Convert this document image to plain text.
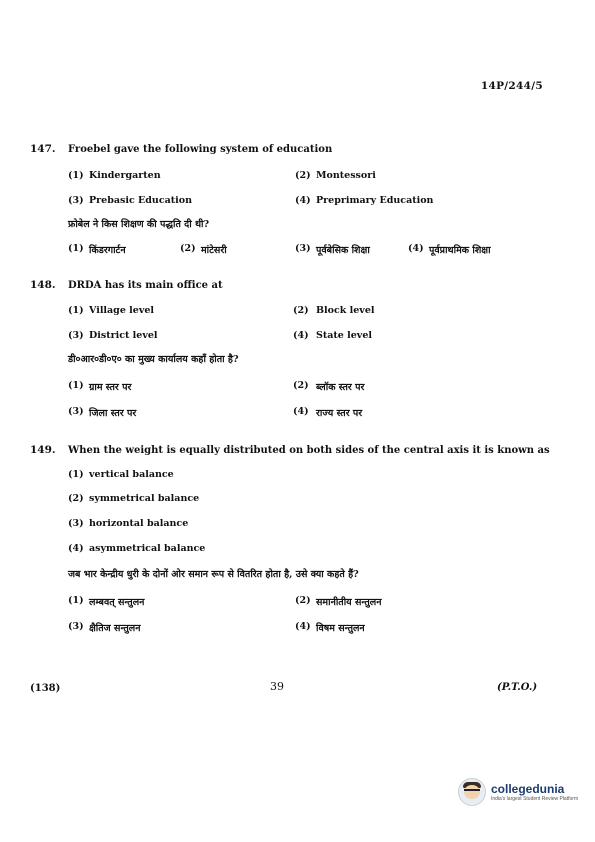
14P/244/5
147.	Froebel gave the following system of education
(1) Kindergarten	(2) Montessori
(3) Prebasic Education	(4) Preprimary Education
फ्रोबेल ने किस शिक्षण की पद्धति दी थी?
(1) किंडरगार्टन	(2) मांटेसरी	(3) पूर्वबेसिक शिक्षा	(4) पूर्वप्राथमिक शिक्षा
148.	DRDA has its main office at
(1) Village level	(2) Block level
(3) District level	(4) State level
डी०आर०डी०ए० का मुख्य कार्यालय कहाँ होता है?
(1) ग्राम स्तर पर	(2) ब्लॉक स्तर पर
(3) जिला स्तर पर	(4) राज्य स्तर पर
149.	When the weight is equally distributed on both sides of the central axis it is known as
(1) vertical balance
(2) symmetrical balance
(3) horizontal balance
(4) asymmetrical balance
जब भार केन्द्रीय धुरी के दोनों ओर समान रूप से वितरित होता है, उसे क्या कहते हैं?
(1) लम्बवत् सन्तुलन	(2) समानीतीय सन्तुलन
(3) क्षैतिज सन्तुलन	(4) विषम सन्तुलन
(138)	39	(P.T.O.)
collegedunia
India's largest Student Review Platform
